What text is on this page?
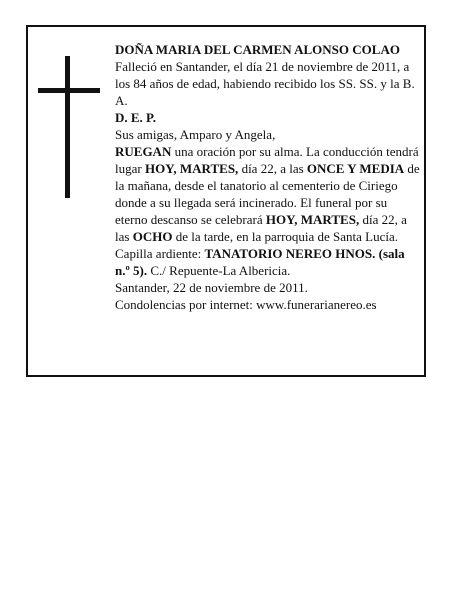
DOÑA MARIA DEL CARMEN ALONSO COLAO

Falleció en Santander, el día 21 de noviembre de 2011, a los 84 años de edad, habiendo recibido los SS. SS. y la B. A.

D. E. P.

Sus amigas, Amparo y Angela,

RUEGAN una oración por su alma. La conducción tendrá lugar HOY, MARTES, día 22, a las ONCE Y MEDIA de la mañana, desde el tanatorio al cementerio de Ciriego donde a su llegada será incinerado. El funeral por su eterno descanso se celebrará HOY, MARTES, día 22, a las OCHO de la tarde, en la parroquia de Santa Lucía. Capilla ardiente: TANATORIO NEREO HNOS. (sala n.º 5). C./ Repuente-La Albericia.

Santander, 22 de noviembre de 2011.

Condolencias por internet: www.funerarianereo.es
